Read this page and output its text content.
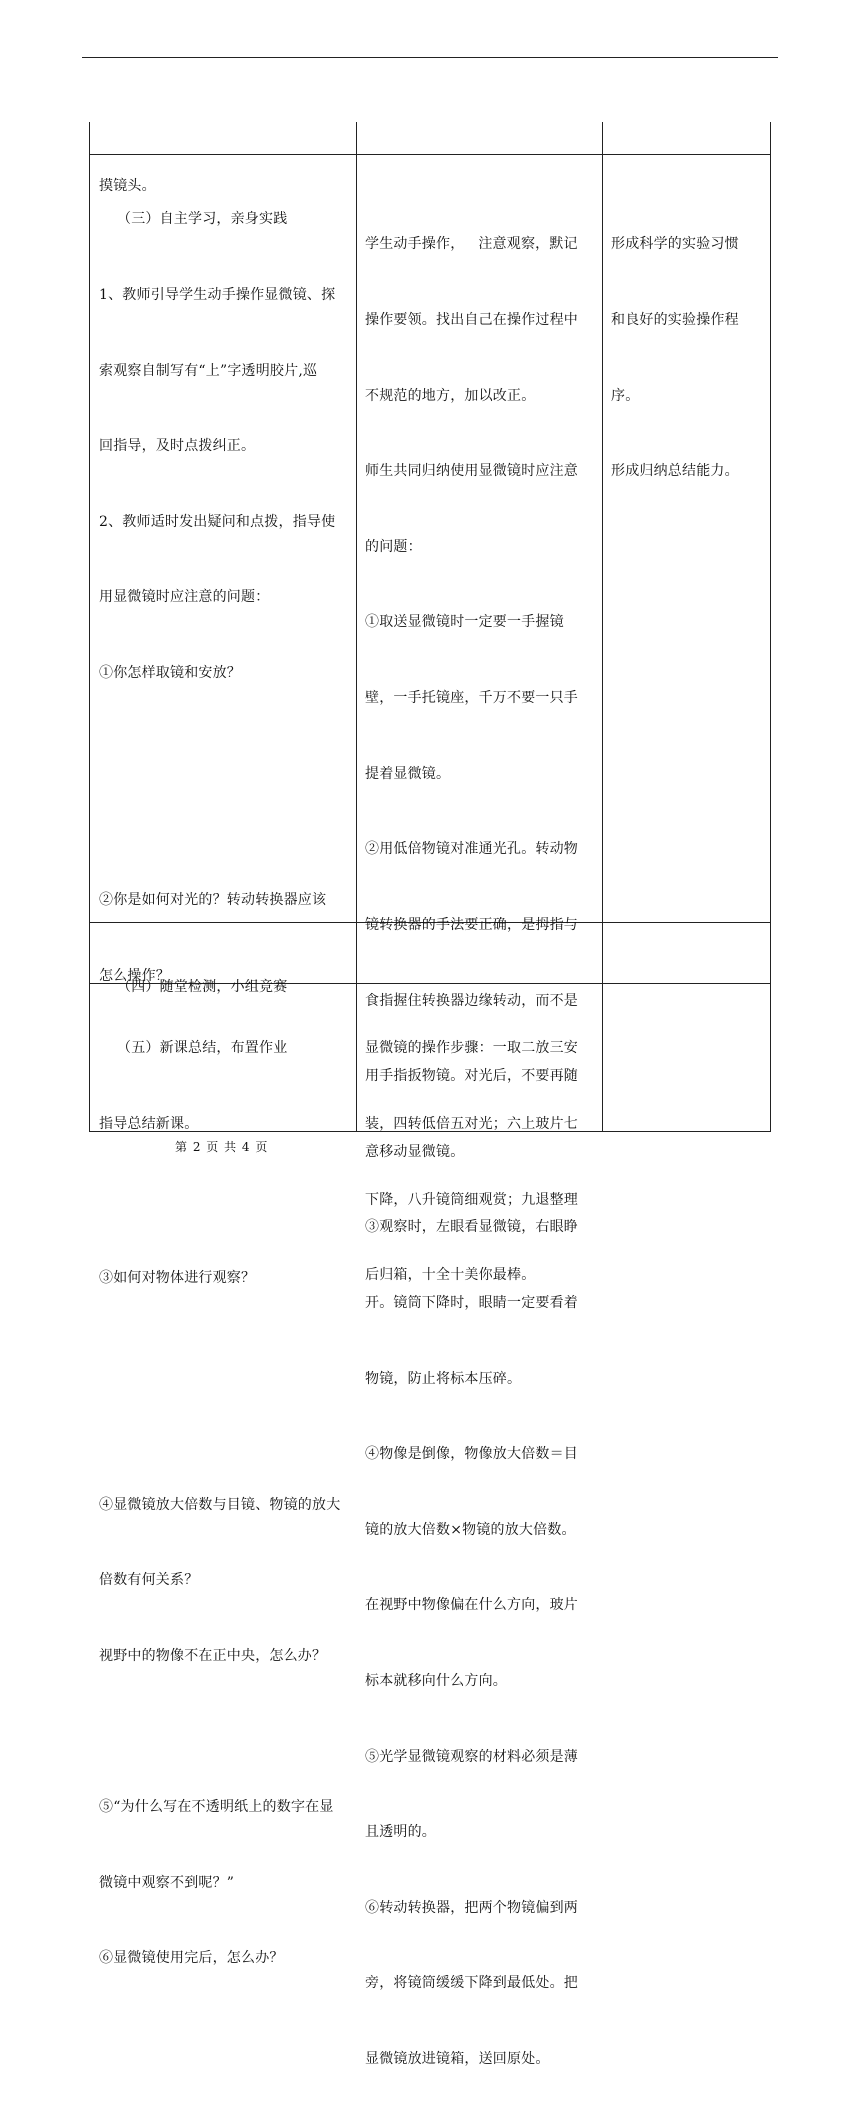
摸镜头。

（三）自主学习，亲身实践

1、教师引导学生动手操作显微镜、探

索观察自制写有“上”字透明胶片,巡

回指导，及时点拨纠正。

2、教师适时发出疑问和点拨，指导使

用显微镜时应注意的问题：

①你怎样取镜和安放？

②你是如何对光的？转动转换器应该

怎么操作？

③如何对物体进行观察？

④显微镜放大倍数与目镜、物镜的放大

倍数有何关系？

视野中的物像不在正中央，怎么办？

⑤“为什么写在不透明纸上的数字在显

微镜中观察不到呢？”

⑥显微镜使用完后，怎么办？

学生动手操作，   注意观察，默记

操作要领。找出自己在操作过程中

不规范的地方，加以改正。

师生共同归纳使用显微镜时应注意

的问题：

①取送显微镜时一定要一手握镜

壁，一手托镜座，千万不要一只手

提着显微镜。

②用低倍物镜对准通光孔。转动物

镜转换器的手法要正确，是拇指与

食指握住转换器边缘转动，而不是

用手指扳物镜。对光后，不要再随

意移动显微镜。

③观察时，左眼看显微镜，右眼睁

开。镜筒下降时，眼睛一定要看着

物镜，防止将标本压碎。

④物像是倒像，物像放大倍数＝目

镜的放大倍数×物镜的放大倍数。

在视野中物像偏在什么方向，玻片

标本就移向什么方向。

⑤光学显微镜观察的材料必须是薄

且透明的。

⑥转动转换器，把两个物镜偏到两

旁，将镜筒缓缓下降到最低处。把

显微镜放进镜箱，送回原处。

形成科学的实验习惯

和良好的实验操作程

序。

形成归纳总结能力。

（四）随堂检测，小组竞赛

（五）新课总结，布置作业

指导总结新课。

显微镜的操作步骤：一取二放三安

装，四转低倍五对光；六上玻片七

下降，八升镜筒细观赏；九退整理

后归箱，十全十美你最棒。

第 2 页 共 4 页
